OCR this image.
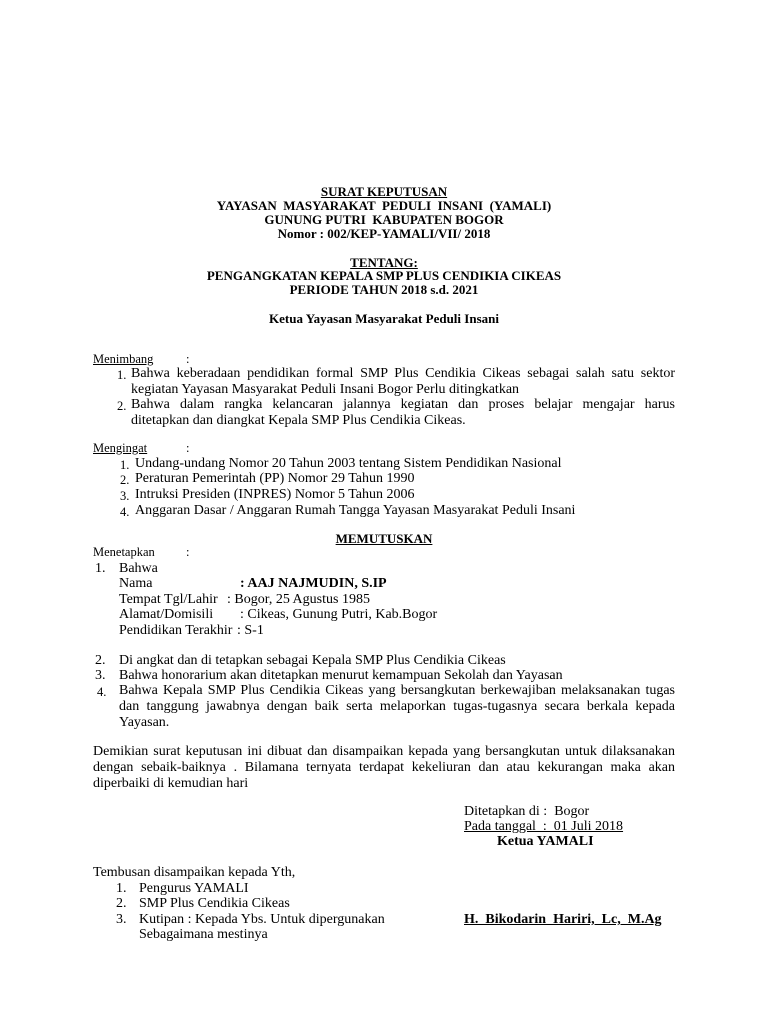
SURAT KEPUTUSAN
YAYASAN  MASYARAKAT  PEDULI  INSANI  (YAMALI)
GUNUNG PUTRI  KABUPATEN BOGOR
Nomor : 002/KEP-YAMALI/VII/ 2018
TENTANG:
PENGANGKATAN KEPALA SMP PLUS CENDIKIA CIKEAS
PERIODE TAHUN 2018 s.d. 2021
Ketua Yayasan Masyarakat Peduli Insani
Menimbang	:
1. Bahwa keberadaan pendidikan formal SMP Plus Cendikia Cikeas sebagai salah satu sektor
kegiatan Yayasan Masyarakat Peduli Insani Bogor Perlu ditingkatkan
2. Bahwa dalam rangka kelancaran jalannya kegiatan dan proses belajar mengajar harus
ditetapkan dan diangkat Kepala SMP Plus Cendikia Cikeas.
Mengingat	:
1. Undang-undang Nomor 20 Tahun 2003 tentang Sistem Pendidikan Nasional
2. Peraturan Pemerintah (PP) Nomor 29 Tahun 1990
3. Intruksi Presiden (INPRES) Nomor 5 Tahun 2006
4. Anggaran Dasar / Anggaran Rumah Tangga Yayasan Masyarakat Peduli Insani
MEMUTUSKAN
Menetapkan :
1. Bahwa
Nama	: AAJ NAJMUDIN, S.IP
Tempat Tgl/Lahir : Bogor, 25 Agustus 1985
Alamat/Domisili : Cikeas, Gunung Putri, Kab.Bogor
Pendidikan Terakhir : S-1
2. Di angkat dan di tetapkan sebagai Kepala SMP Plus Cendikia Cikeas
3. Bahwa honorarium akan ditetapkan menurut kemampuan Sekolah dan Yayasan
4. Bahwa Kepala SMP Plus Cendikia Cikeas yang bersangkutan berkewajiban melaksanakan tugas
dan tanggung jawabnya dengan baik serta melaporkan tugas-tugasnya secara berkala kepada
Yayasan.
Demikian surat keputusan ini dibuat dan disampaikan kepada yang bersangkutan untuk dilaksanakan
dengan sebaik-baiknya . Bilamana ternyata terdapat kekeliuran dan atau kekurangan maka akan
diperbaiki di kemudian hari
Ditetapkan di :  Bogor
Pada tanggal  :  01 Juli 2018
Ketua YAMALI
H.  Bikodarin  Hariri,  Lc,  M.Ag
Tembusan disampaikan kepada Yth,
1. Pengurus YAMALI
2. SMP Plus Cendikia Cikeas
3. Kutipan : Kepada Ybs. Untuk dipergunakan
Sebagaimana mestinya
